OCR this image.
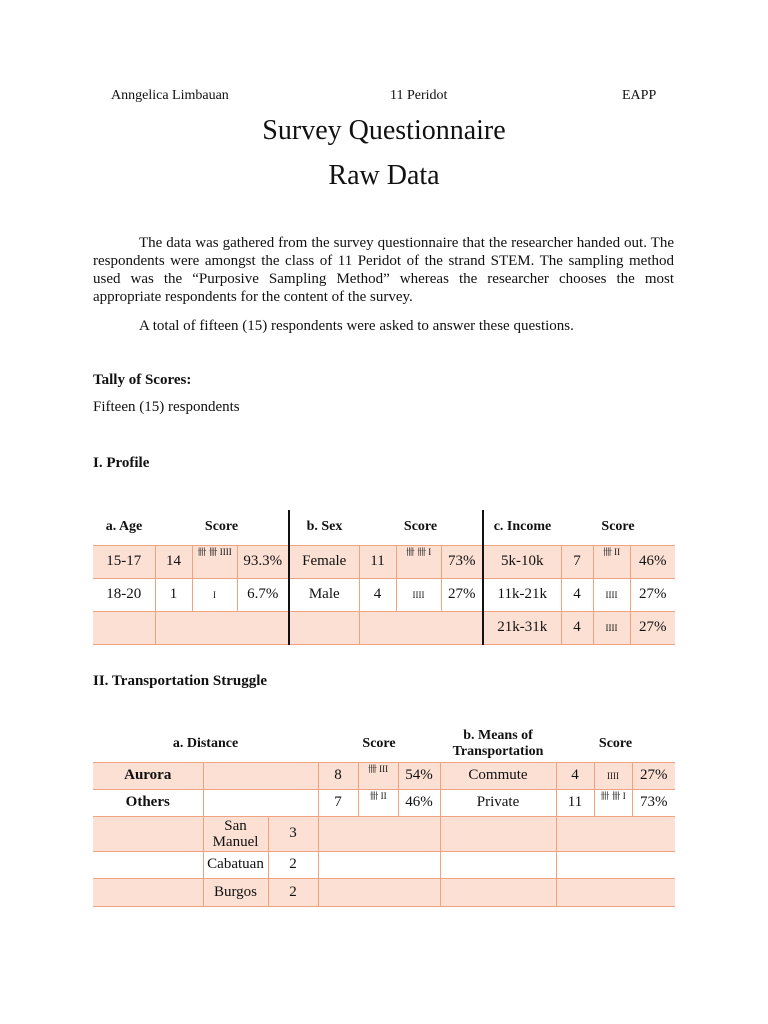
Anngelica Limbauan	11 Peridot	EAPP
Survey Questionnaire
Raw Data
The data was gathered from the survey questionnaire that the researcher handed out. The respondents were amongst the class of 11 Peridot of the strand STEM. The sampling method used was the “Purposive Sampling Method” whereas the researcher chooses the most appropriate respondents for the content of the survey.
A total of fifteen (15) respondents were asked to answer these questions.
Tally of Scores:
Fifteen (15) respondents
I. Profile
a. Age	Score			b. Sex	Score			c. Income	Score		
15-17	14	卌 卌 IIII	93.3%	Female	11	卌 卌 I	73%	5k-10k	7	卌 II	46%
18-20	1	I	6.7%	Male	4	IIII	27%	11k-21k	4	IIII	27%
								21k-31k	4	IIII	27%
II. Transportation Struggle
a. Distance			Score			b. Means of Transportation	Score		
Aurora			8	卌 III	54%	Commute	4	IIII	27%
Others			7	卌 II	46%	Private	11	卌 卌 I	73%
	San Manuel	3							
	Cabatuan	2							
	Burgos	2							
